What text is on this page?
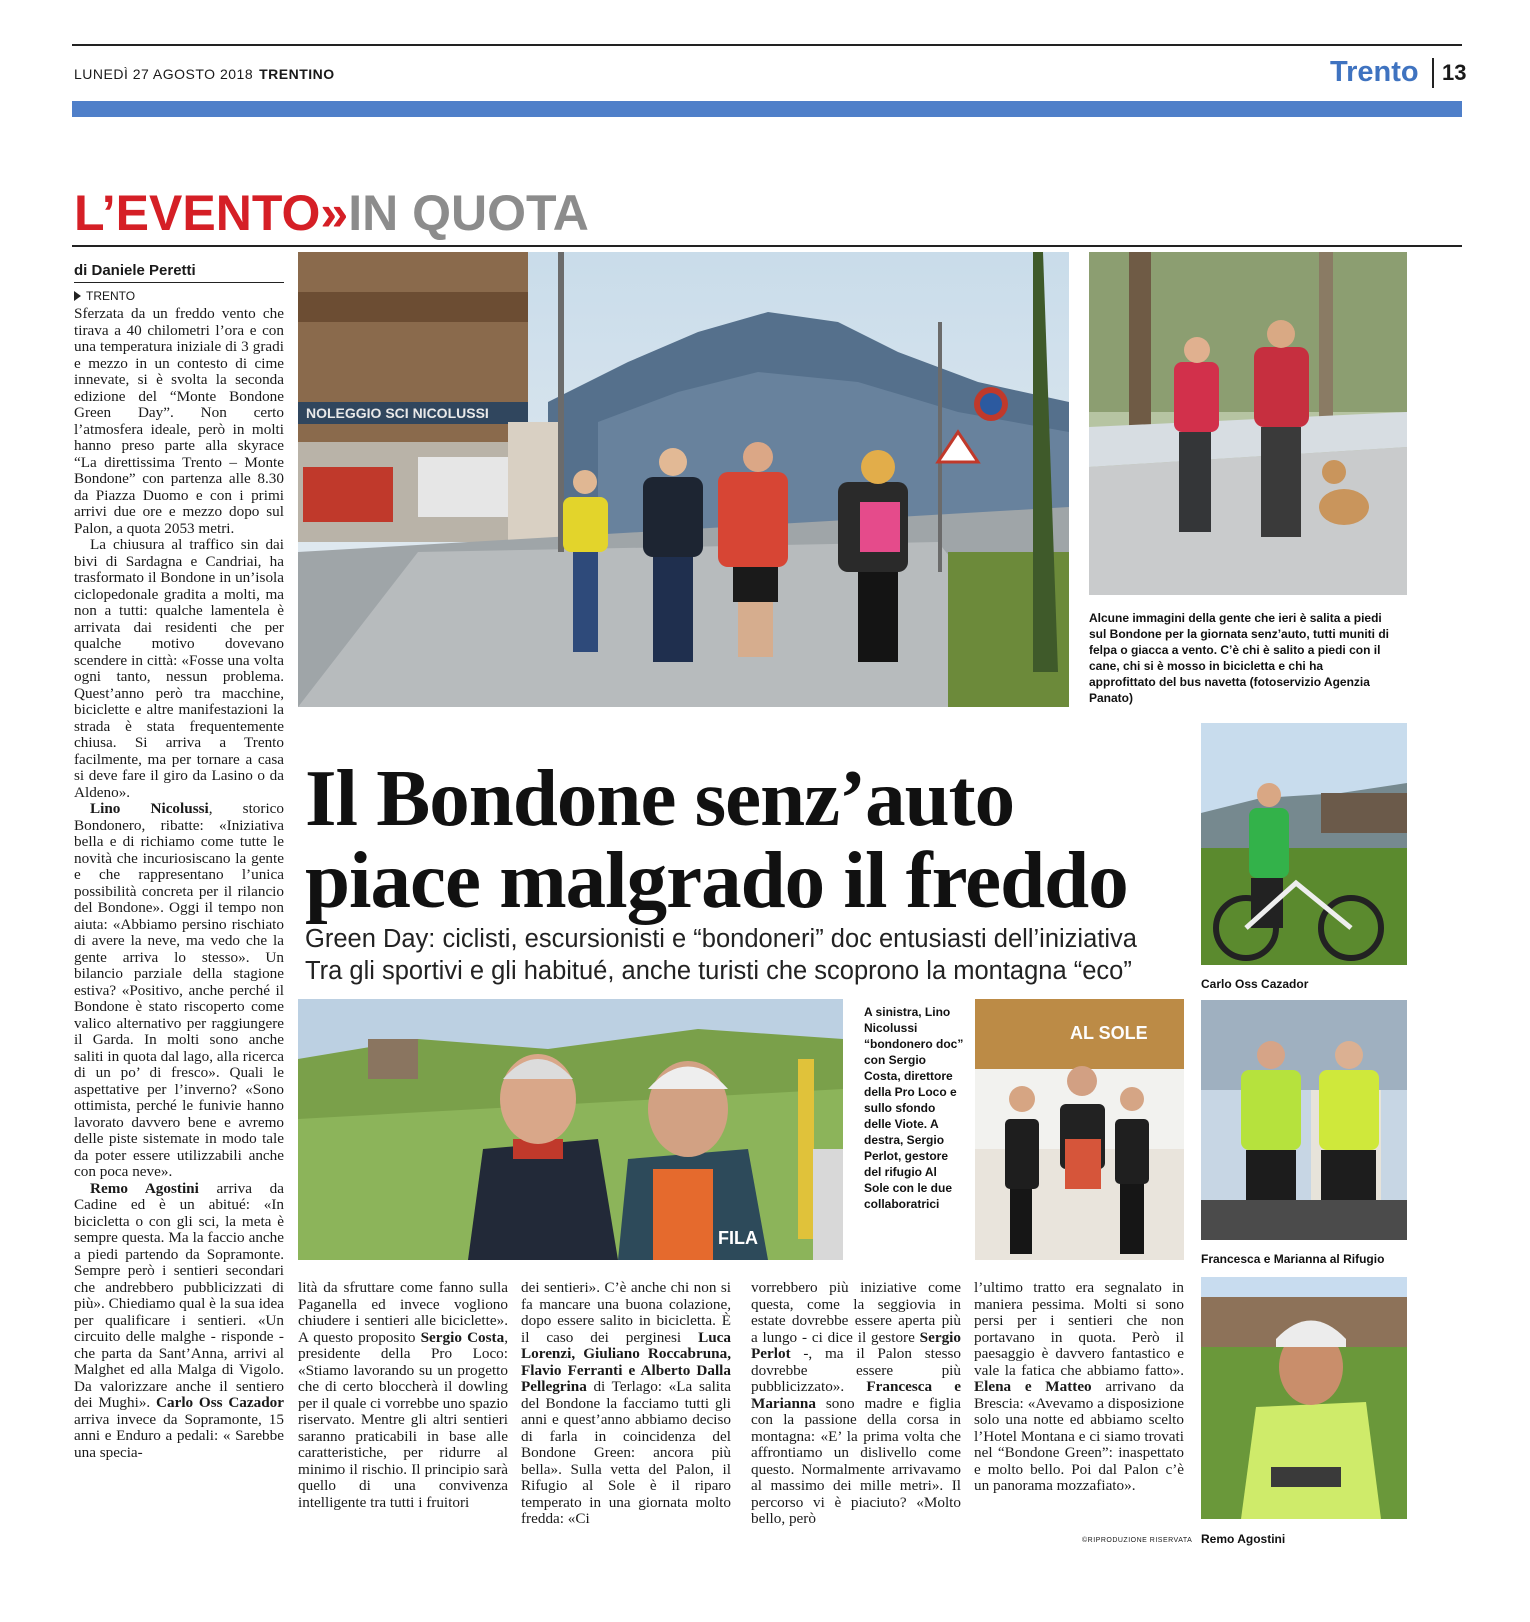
LUNEDÌ 27 AGOSTO 2018 TRENTINO	Trento 13
L’EVENTO»IN QUOTA
di Daniele Peretti
TRENTO

Sferzata da un freddo vento che tirava a 40 chilometri l’ora e con una temperatura iniziale di 3 gradi e mezzo in un contesto di cime innevate, si è svolta la seconda edizione del “Monte Bondone Green Day”. Non certo l’atmosfera ideale, però in molti hanno preso parte alla skyrace “La direttissima Trento – Monte Bondone” con partenza alle 8.30 da Piazza Duomo e con i primi arrivi due ore e mezzo dopo sul Palon, a quota 2053 metri.

La chiusura al traffico sin dai bivi di Sardagna e Candriai, ha trasformato il Bondone in un’isola ciclopedonale gradita a molti, ma non a tutti: qualche lamentela è arrivata dai residenti che per qualche motivo dovevano scendere in città: «Fosse una volta ogni tanto, nessun problema. Quest’anno però tra macchine, biciclette e altre manifestazioni la strada è stata frequentemente chiusa. Si arriva a Trento facilmente, ma per tornare a casa si deve fare il giro da Lasino o da Aldeno».

Lino Nicolussi, storico Bondonero, ribatte: «Iniziativa bella e di richiamo come tutte le novità che incuriosiscano la gente e che rappresentano l’unica possibilità concreta per il rilancio del Bondone». Oggi il tempo non aiuta: «Abbiamo persino rischiato di avere la neve, ma vedo che la gente arriva lo stesso». Un bilancio parziale della stagione estiva? «Positivo, anche perché il Bondone è stato riscoperto come valico alternativo per raggiungere il Garda. In molti sono anche saliti in quota dal lago, alla ricerca di un po’ di fresco». Quali le aspettative per l’inverno? «Sono ottimista, perché le funivie hanno lavorato davvero bene e avremo delle piste sistemate in modo tale da poter essere utilizzabili anche con poca neve».

Remo Agostini arriva da Cadine ed è un abitué: «In bicicletta o con gli sci, la meta è sempre questa. Ma la faccio anche a piedi partendo da Sopramonte. Sempre però i sentieri secondari che andrebbero pubblicizzati di più». Chiediamo qual è la sua idea per qualificare i sentieri. «Un circuito delle malghe - risponde - che parta da Sant’Anna, arrivi al Malghet ed alla Malga di Vigolo. Da valorizzare anche il sentiero dei Mughi». Carlo Oss Cazador arriva invece da Sopramonte, 15 anni e Enduro a pedali: « Sarebbe una specia-

NOLEGGIO SCI NICOLUSSI
Alcune immagini della gente che ieri è salita a piedi sul Bondone per la giornata senz’auto, tutti muniti di felpa o giacca a vento. C’è chi è salito a piedi con il cane, chi si è mosso in bicicletta e chi ha approfittato del bus navetta (fotoservizio Agenzia Panato)
Il Bondone senz’auto
piace malgrado il freddo
Green Day: ciclisti, escursionisti e “bondoneri” doc entusiasti dell’iniziativa
Tra gli sportivi e gli habitué, anche turisti che scoprono la montagna “eco”	Carlo Oss Cazador
FILA
A sinistra, Lino Nicolussi “bondonero doc” con Sergio Costa, direttore della Pro Loco e sullo sfondo delle Viote. A destra, Sergio Perlot, gestore del rifugio Al Sole con le due collaboratrici
AL SOLE
Francesca e Marianna al Rifugio
Remo Agostini

lità da sfruttare come fanno sulla Paganella ed invece vogliono chiudere i sentieri alle biciclette». A questo proposito Sergio Costa, presidente della Pro Loco: «Stiamo lavorando su un progetto che di certo bloccherà il dowling per il quale ci vorrebbe uno spazio riservato. Mentre gli altri sentieri saranno praticabili in base alle caratteristiche, per ridurre al minimo il rischio. Il principio sarà quello di una convivenza intelligente tra tutti i fruitori

dei sentieri». C’è anche chi non si fa mancare una buona colazione, dopo essere salito in bicicletta. È il caso dei perginesi Luca Lorenzi, Giuliano Roccabruna, Flavio Ferranti e Alberto Dalla Pellegrina di Terlago: «La salita del Bondone la facciamo tutti gli anni e quest’anno abbiamo deciso di farla in coincidenza del Bondone Green: ancora più bella». Sulla vetta del Palon, il Rifugio al Sole è il riparo temperato in una giornata molto fredda: «Ci

vorrebbero più iniziative come questa, come la seggiovia in estate dovrebbe essere aperta più a lungo - ci dice il gestore Sergio Perlot -, ma il Palon stesso dovrebbe essere più pubblicizzato». Francesca e Marianna sono madre e figlia con la passione della corsa in montagna: «E’ la prima volta che affrontiamo un dislivello come questo. Normalmente arrivavamo al massimo dei mille metri». Il percorso vi è piaciuto? «Molto bello, però

l’ultimo tratto era segnalato in maniera pessima. Molti si sono persi per i sentieri che non portavano in quota. Però il paesaggio è davvero fantastico e vale la fatica che abbiamo fatto». Elena e Matteo arrivano da Brescia: «Avevamo a disposizione solo una notte ed abbiamo scelto l’Hotel Montana e ci siamo trovati nel “Bondone Green”: inaspettato e molto bello. Poi dal Palon c’è un panorama mozzafiato».

©RIPRODUZIONE RISERVATA
